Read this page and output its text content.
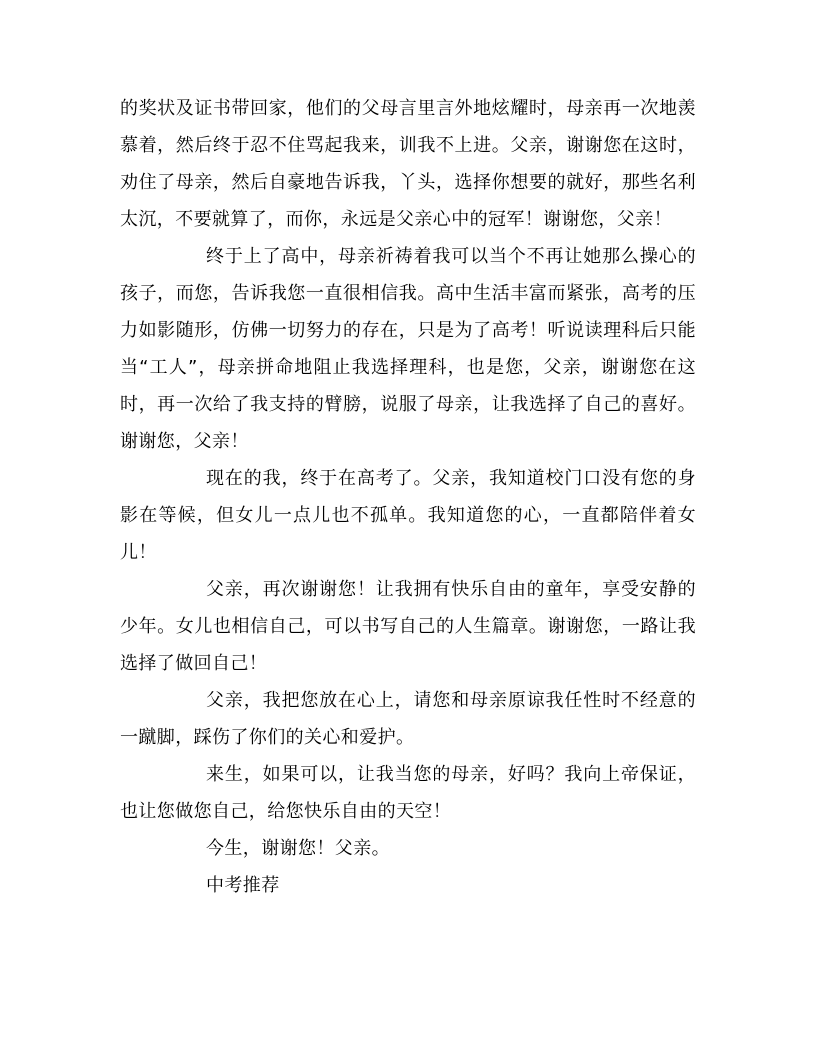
的奖状及证书带回家，他们的父母言里言外地炫耀时，母亲再一次地羡慕着，然后终于忍不住骂起我来，训我不上进。父亲，谢谢您在这时，劝住了母亲，然后自豪地告诉我，丫头，选择你想要的就好，那些名利太沉，不要就算了，而你，永远是父亲心中的冠军！谢谢您，父亲！

终于上了高中，母亲祈祷着我可以当个不再让她那么操心的孩子，而您，告诉我您一直很相信我。高中生活丰富而紧张，高考的压力如影随形，仿佛一切努力的存在，只是为了高考！听说读理科后只能当“工人”，母亲拼命地阻止我选择理科，也是您，父亲，谢谢您在这时，再一次给了我支持的臂膀，说服了母亲，让我选择了自己的喜好。谢谢您，父亲！

现在的我，终于在高考了。父亲，我知道校门口没有您的身影在等候，但女儿一点儿也不孤单。我知道您的心，一直都陪伴着女儿！

父亲，再次谢谢您！让我拥有快乐自由的童年，享受安静的少年。女儿也相信自己，可以书写自己的人生篇章。谢谢您，一路让我选择了做回自己！

父亲，我把您放在心上，请您和母亲原谅我任性时不经意的一蹴脚，踩伤了你们的关心和爱护。

来生，如果可以，让我当您的母亲，好吗？我向上帝保证，也让您做您自己，给您快乐自由的天空！

今生，谢谢您！父亲。

中考推荐
